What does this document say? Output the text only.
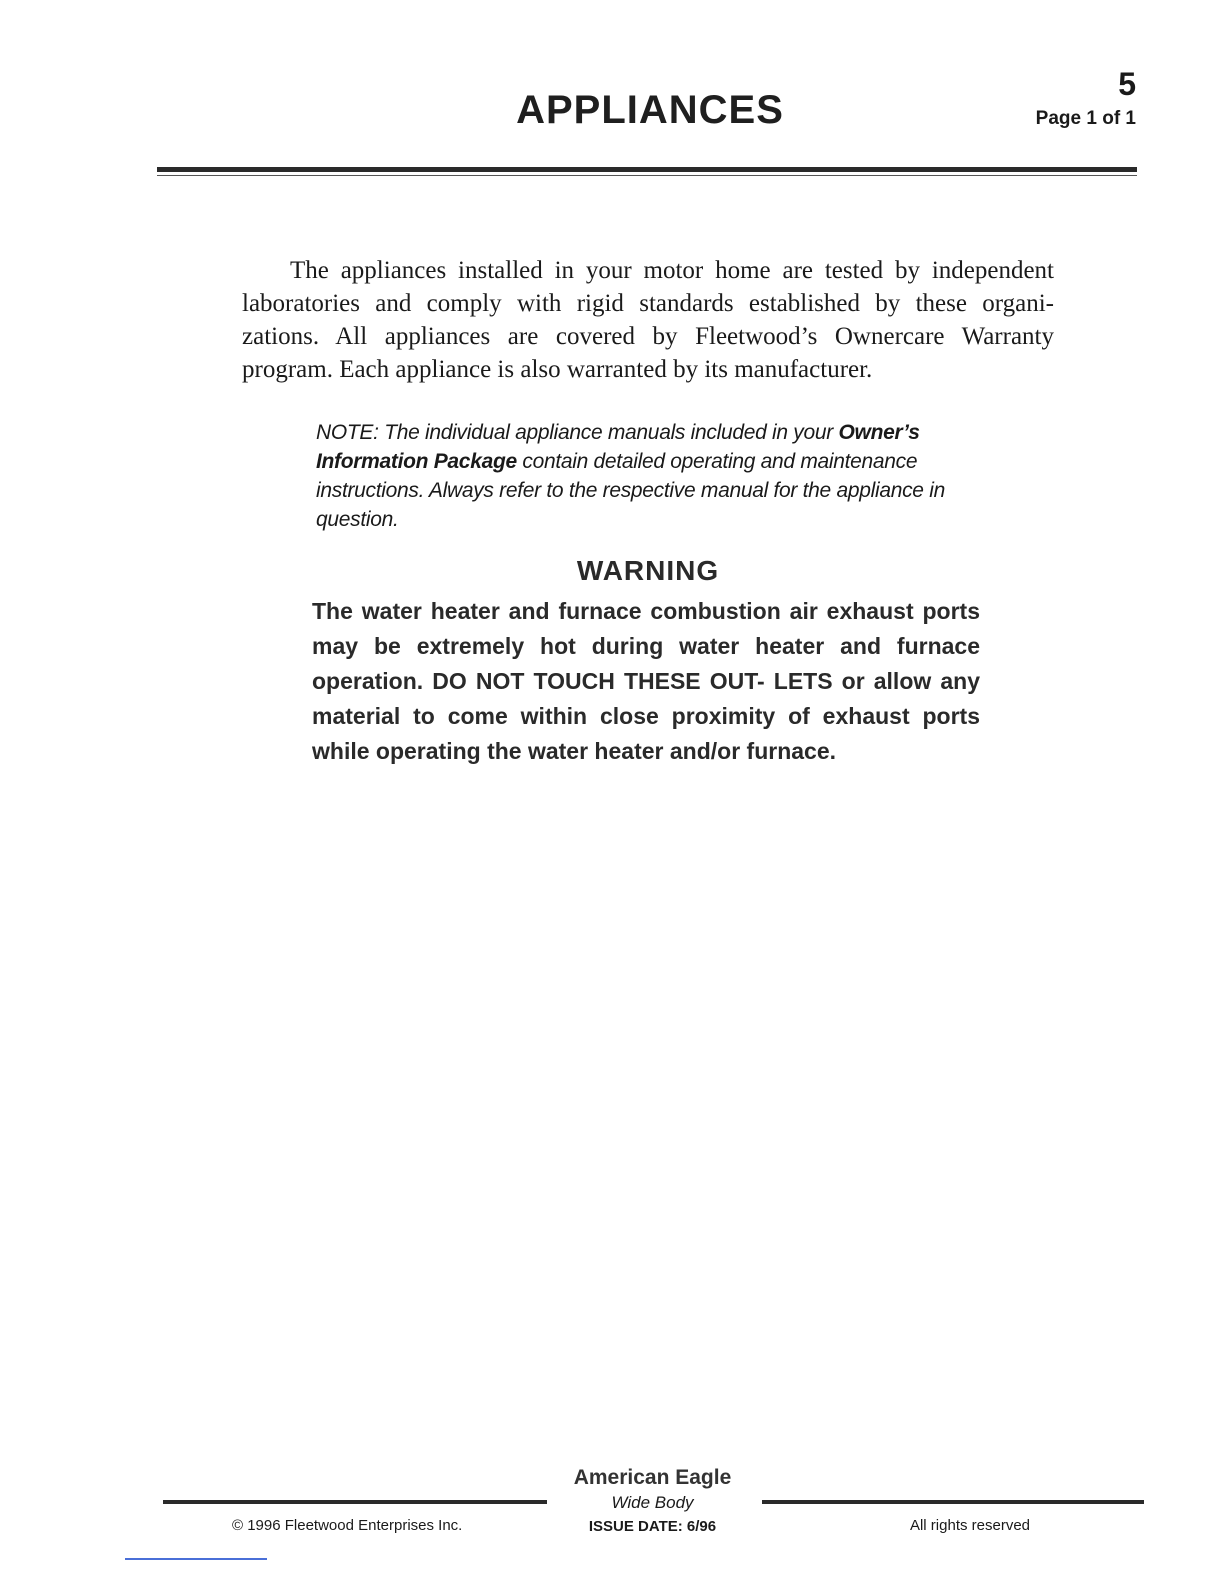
APPLIANCES
5
Page 1 of 1

The appliances installed in your motor home are tested by independent laboratories and comply with rigid standards established by these organi- zations. All appliances are covered by Fleetwood’s Ownercare Warranty program. Each appliance is also warranted by its manufacturer.

NOTE: The individual appliance manuals included in your Owner’s Information Package contain detailed operating and maintenance instructions. Always refer to the respective manual for the appliance in question.

WARNING

The water heater and furnace combustion air exhaust ports may be extremely hot during water heater and furnace operation. DO NOT TOUCH THESE OUT- LETS or allow any material to come within close proximity of exhaust ports while operating the water heater and/or furnace.

American Eagle
Wide Body
ISSUE DATE: 6/96
© 1996 Fleetwood Enterprises Inc.	All rights reserved
